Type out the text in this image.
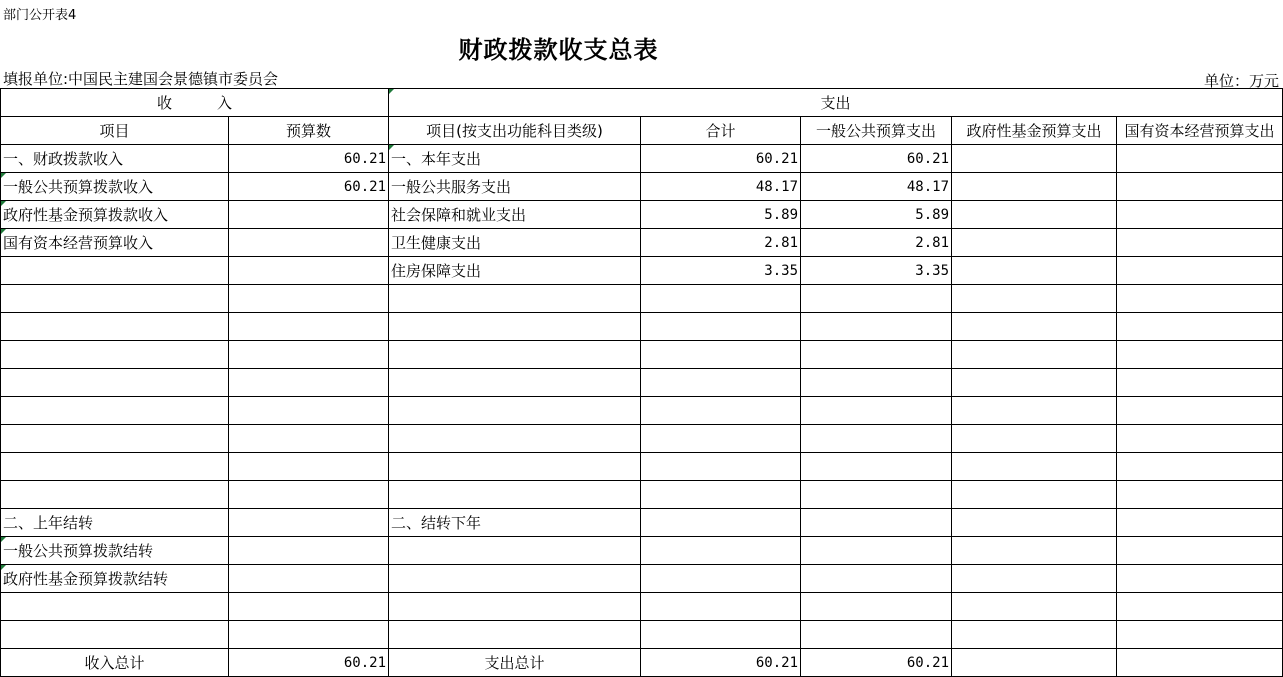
部门公开表4
财政拨款收支总表
填报单位:中国民主建国会景德镇市委员会	单位：万元
收　　　入		支出				
项目	预算数	项目(按支出功能科目类级)	合计	一般公共预算支出	政府性基金预算支出	国有资本经营预算支出
一、财政拨款收入	60.21	一、本年支出	60.21	60.21		
一般公共预算拨款收入	60.21	一般公共服务支出	48.17	48.17		
政府性基金预算拨款收入		社会保障和就业支出	5.89	5.89		
国有资本经营预算收入		卫生健康支出	2.81	2.81		
		住房保障支出	3.35	3.35		

二、上年结转		二、结转下年				
一般公共预算拨款结转						
政府性基金预算拨款结转						

收入总计	60.21	支出总计	60.21	60.21		
